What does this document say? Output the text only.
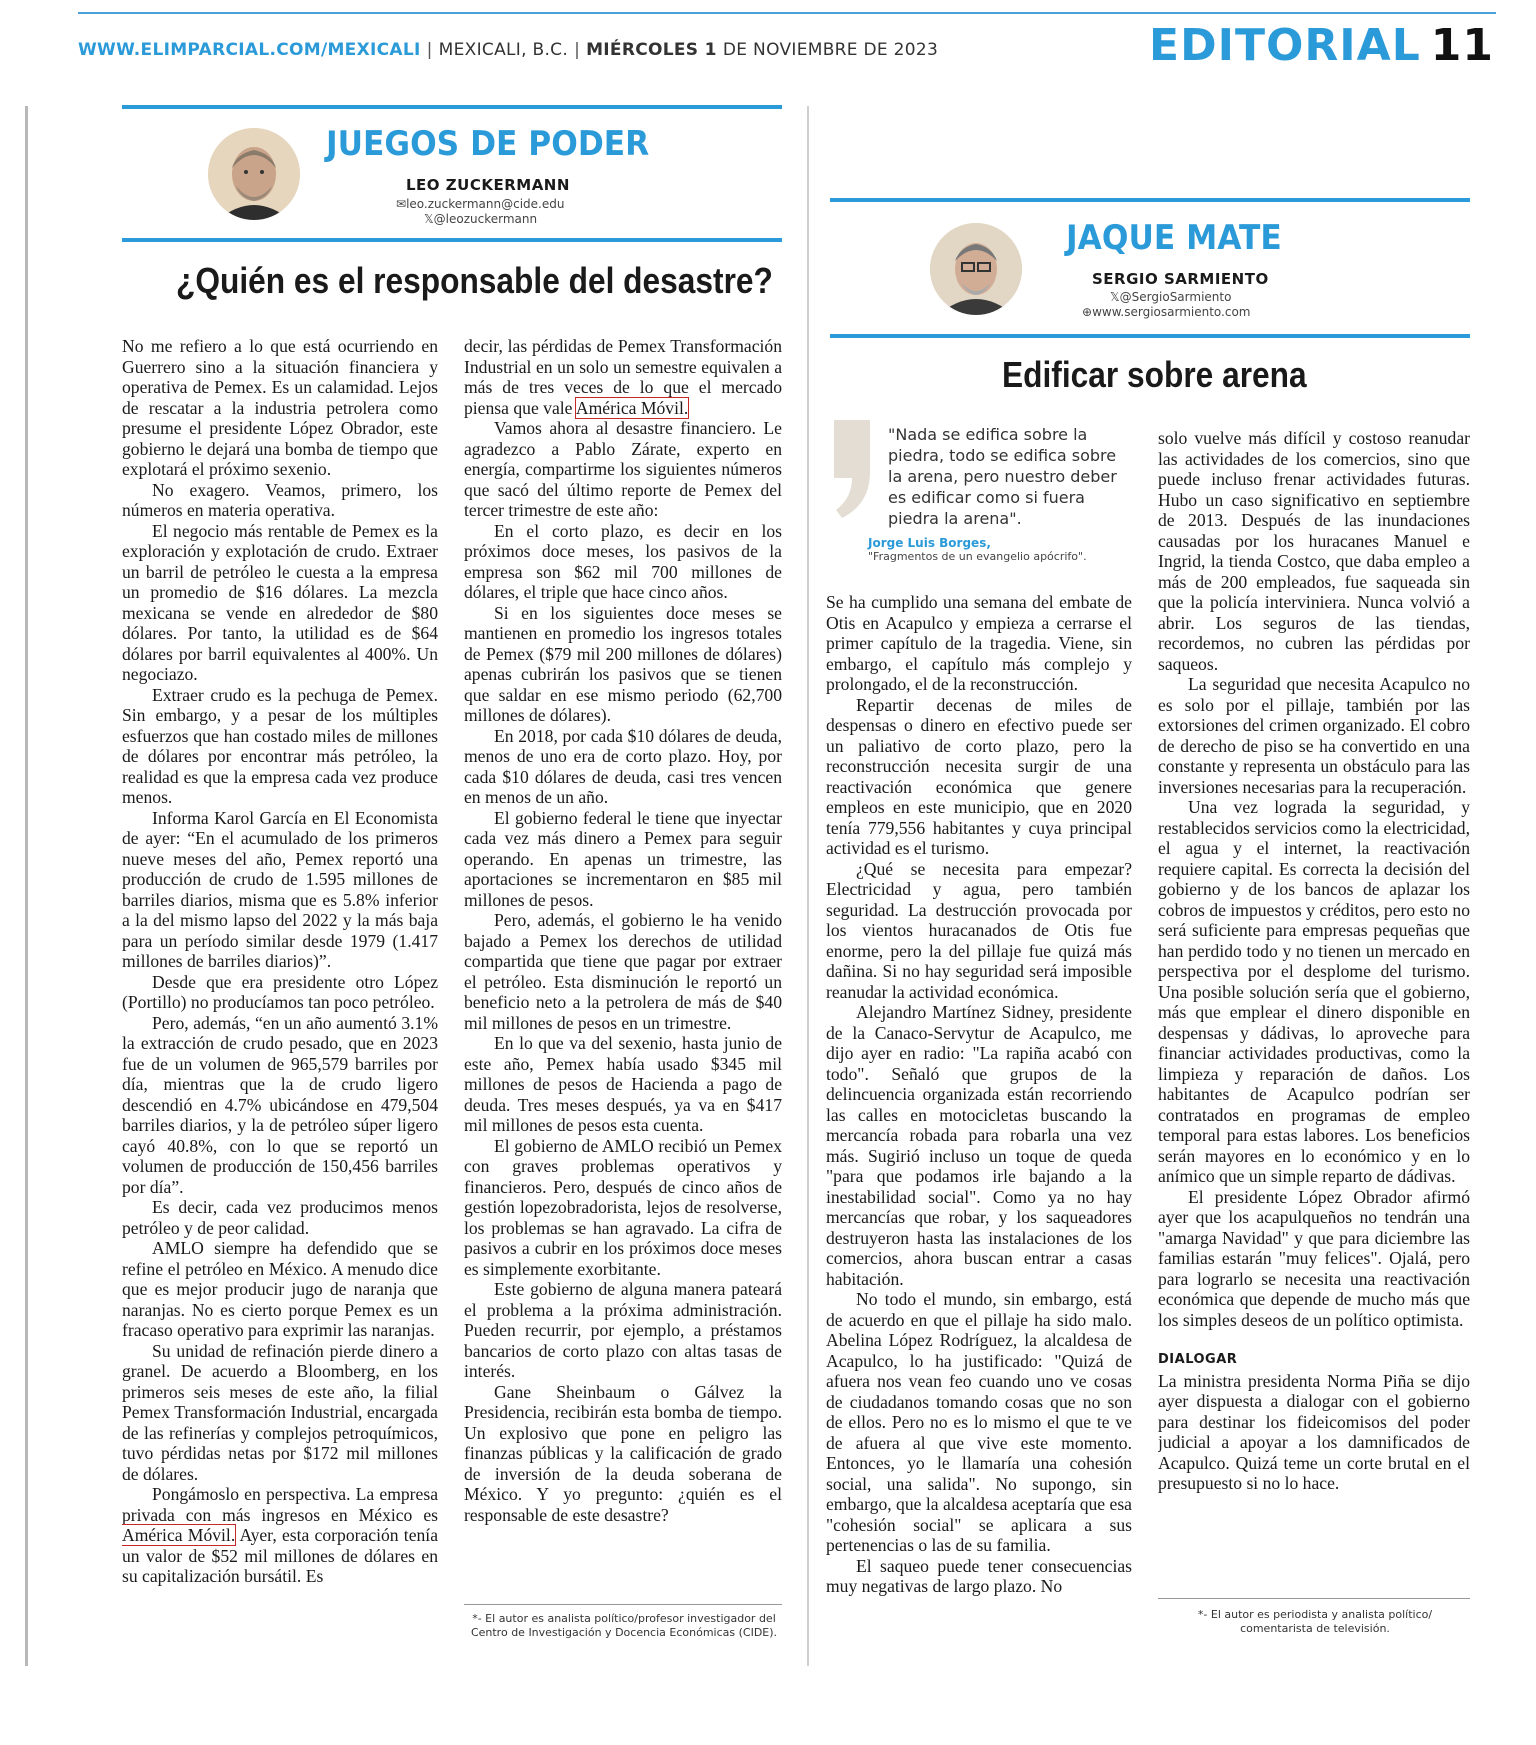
WWW.ELIMPARCIAL.COM/MEXICALI | MEXICALI, B.C. | MIÉRCOLES 1 DE NOVIEMBRE DE 2023	EDITORIAL 11
JUEGOS DE PODER
LEO ZUCKERMANN
✉leo.zuckermann@cide.edu
𝕏@leozuckermann
¿Quién es el responsable del desastre?

No me refiero a lo que está ocurriendo en Guerrero sino a la situación financiera y operativa de Pemex. Es un calamidad. Lejos de rescatar a la industria petrolera como presume el presidente López Obrador, este gobierno le dejará una bomba de tiempo que explotará el próximo sexenio.

No exagero. Veamos, primero, los números en materia operativa.

El negocio más rentable de Pemex es la exploración y explotación de crudo. Extraer un barril de petróleo le cuesta a la empresa un promedio de $16 dólares. La mezcla mexicana se vende en alrededor de $80 dólares. Por tanto, la utilidad es de $64 dólares por barril equivalentes al 400%. Un negociazo.

Extraer crudo es la pechuga de Pemex. Sin embargo, y a pesar de los múltiples esfuerzos que han costado miles de millones de dólares por encontrar más petróleo, la realidad es que la empresa cada vez produce menos.

Informa Karol García en El Economista de ayer: “En el acumulado de los primeros nueve meses del año, Pemex reportó una producción de crudo de 1.595 millones de barriles diarios, misma que es 5.8% inferior a la del mismo lapso del 2022 y la más baja para un período similar desde 1979 (1.417 millones de barriles diarios)”.

Desde que era presidente otro López (Portillo) no producíamos tan poco petróleo.

Pero, además, “en un año aumentó 3.1% la extracción de crudo pesado, que en 2023 fue de un volumen de 965,579 barriles por día, mientras que la de crudo ligero descendió en 4.7% ubicándose en 479,504 barriles diarios, y la de petróleo súper ligero cayó 40.8%, con lo que se reportó un volumen de producción de 150,456 barriles por día”.

Es decir, cada vez producimos menos petróleo y de peor calidad.

AMLO siempre ha defendido que se refine el petróleo en México. A menudo dice que es mejor producir jugo de naranja que naranjas. No es cierto porque Pemex es un fracaso operativo para exprimir las naranjas.

Su unidad de refinación pierde dinero a granel. De acuerdo a Bloomberg, en los primeros seis meses de este año, la filial Pemex Transformación Industrial, encargada de las refinerías y complejos petroquímicos, tuvo pérdidas netas por $172 mil millones de dólares.

Pongámoslo en perspectiva. La empresa privada con más ingresos en México es América Móvil. Ayer, esta corporación tenía un valor de $52 mil millones de dólares en su capitalización bursátil. Es

decir, las pérdidas de Pemex Transformación Industrial en un solo un semestre equivalen a más de tres veces de lo que el mercado piensa que vale América Móvil.

Vamos ahora al desastre financiero. Le agradezco a Pablo Zárate, experto en energía, compartirme los siguientes números que sacó del último reporte de Pemex del tercer trimestre de este año:

En el corto plazo, es decir en los próximos doce meses, los pasivos de la empresa son $62 mil 700 millones de dólares, el triple que hace cinco años.

Si en los siguientes doce meses se mantienen en promedio los ingresos totales de Pemex ($79 mil 200 millones de dólares) apenas cubrirán los pasivos que se tienen que saldar en ese mismo periodo (62,700 millones de dólares).

En 2018, por cada $10 dólares de deuda, menos de uno era de corto plazo. Hoy, por cada $10 dólares de deuda, casi tres vencen en menos de un año.

El gobierno federal le tiene que inyectar cada vez más dinero a Pemex para seguir operando. En apenas un trimestre, las aportaciones se incrementaron en $85 mil millones de pesos.

Pero, además, el gobierno le ha venido bajado a Pemex los derechos de utilidad compartida que tiene que pagar por extraer el petróleo. Esta disminución le reportó un beneficio neto a la petrolera de más de $40 mil millones de pesos en un trimestre.

En lo que va del sexenio, hasta junio de este año, Pemex había usado $345 mil millones de pesos de Hacienda a pago de deuda. Tres meses después, ya va en $417 mil millones de pesos esta cuenta.

El gobierno de AMLO recibió un Pemex con graves problemas operativos y financieros. Pero, después de cinco años de gestión lopezobradorista, lejos de resolverse, los problemas se han agravado. La cifra de pasivos a cubrir en los próximos doce meses es simplemente exorbitante.

Este gobierno de alguna manera pateará el problema a la próxima administración. Pueden recurrir, por ejemplo, a préstamos bancarios de corto plazo con altas tasas de interés.

Gane Sheinbaum o Gálvez la Presidencia, recibirán esta bomba de tiempo. Un explosivo que pone en peligro las finanzas públicas y la calificación de grado de inversión de la deuda soberana de México. Y yo pregunto: ¿quién es el responsable de este desastre?

*- El autor es analista político/profesor investigador del Centro de Investigación y Docencia Económicas (CIDE).
JAQUE MATE
SERGIO SARMIENTO
𝕏@SergioSarmiento
⊕www.sergiosarmiento.com
Edificar sobre arena
"Nada se edifica sobre la piedra, todo se edifica sobre la arena, pero nuestro deber es edificar como si fuera piedra la arena".
Jorge Luis Borges,
"Fragmentos de un evangelio apócrifo".

Se ha cumplido una semana del embate de Otis en Acapulco y empieza a cerrarse el primer capítulo de la tragedia. Viene, sin embargo, el capítulo más complejo y prolongado, el de la reconstrucción.

Repartir decenas de miles de despensas o dinero en efectivo puede ser un paliativo de corto plazo, pero la reconstrucción necesita surgir de una reactivación económica que genere empleos en este municipio, que en 2020 tenía 779,556 habitantes y cuya principal actividad es el turismo.

¿Qué se necesita para empezar? Electricidad y agua, pero también seguridad. La destrucción provocada por los vientos huracanados de Otis fue enorme, pero la del pillaje fue quizá más dañina. Si no hay seguridad será imposible reanudar la actividad económica.

Alejandro Martínez Sidney, presidente de la Canaco-Servytur de Acapulco, me dijo ayer en radio: "La rapiña acabó con todo". Señaló que grupos de la delincuencia organizada están recorriendo las calles en motocicletas buscando la mercancía robada para robarla una vez más. Sugirió incluso un toque de queda "para que podamos irle bajando a la inestabilidad social". Como ya no hay mercancías que robar, y los saqueadores destruyeron hasta las instalaciones de los comercios, ahora buscan entrar a casas habitación.

No todo el mundo, sin embargo, está de acuerdo en que el pillaje ha sido malo. Abelina López Rodríguez, la alcaldesa de Acapulco, lo ha justificado: "Quizá de afuera nos vean feo cuando uno ve cosas de ciudadanos tomando cosas que no son de ellos. Pero no es lo mismo el que te ve de afuera al que vive este momento. Entonces, yo le llamaría una cohesión social, una salida". No supongo, sin embargo, que la alcaldesa aceptaría que esa "cohesión social" se aplicara a sus pertenencias o las de su familia.

El saqueo puede tener consecuencias muy negativas de largo plazo. No

solo vuelve más difícil y costoso reanudar las actividades de los comercios, sino que puede incluso frenar actividades futuras. Hubo un caso significativo en septiembre de 2013. Después de las inundaciones causadas por los huracanes Manuel e Ingrid, la tienda Costco, que daba empleo a más de 200 empleados, fue saqueada sin que la policía interviniera. Nunca volvió a abrir. Los seguros de las tiendas, recordemos, no cubren las pérdidas por saqueos.

La seguridad que necesita Acapulco no es solo por el pillaje, también por las extorsiones del crimen organizado. El cobro de derecho de piso se ha convertido en una constante y representa un obstáculo para las inversiones necesarias para la recuperación.

Una vez lograda la seguridad, y restablecidos servicios como la electricidad, el agua y el internet, la reactivación requiere capital. Es correcta la decisión del gobierno y de los bancos de aplazar los cobros de impuestos y créditos, pero esto no será suficiente para empresas pequeñas que han perdido todo y no tienen un mercado en perspectiva por el desplome del turismo. Una posible solución sería que el gobierno, más que emplear el dinero disponible en despensas y dádivas, lo aproveche para financiar actividades productivas, como la limpieza y reparación de daños. Los habitantes de Acapulco podrían ser contratados en programas de empleo temporal para estas labores. Los beneficios serán mayores en lo económico y en lo anímico que un simple reparto de dádivas.

El presidente López Obrador afirmó ayer que los acapulqueños no tendrán una "amarga Navidad" y que para diciembre las familias estarán "muy felices". Ojalá, pero para lograrlo se necesita una reactivación económica que depende de mucho más que los simples deseos de un político optimista.

DIALOGAR

La ministra presidenta Norma Piña se dijo ayer dispuesta a dialogar con el gobierno para destinar los fideicomisos del poder judicial a apoyar a los damnificados de Acapulco. Quizá teme un corte brutal en el presupuesto si no lo hace.

*- El autor es periodista y analista político/ comentarista de televisión.
